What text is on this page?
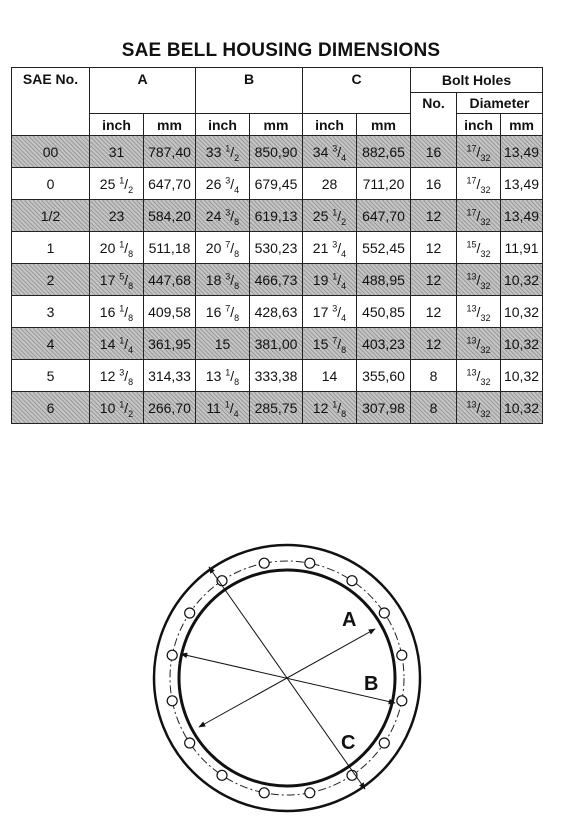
SAE BELL HOUSING DIMENSIONS
SAE No.	A		B		C		Bolt Holes		
							No.	Diameter	
	inch	mm	inch	mm	inch	mm		inch	mm
00	31	787,40	33 $^1/_2$	850,90	34 $^3/_4$	882,65	16	$^{17}/_{32}$	13,49
0	25 $^1/_2$	647,70	26 $^3/_4$	679,45	28	711,20	16	$^{17}/_{32}$	13,49
1/2	23	584,20	24 $^3/_8$	619,13	25 $^1/_2$	647,70	12	$^{17}/_{32}$	13,49
1	20 $^1/_8$	511,18	20 $^7/_8$	530,23	21 $^3/_4$	552,45	12	$^{15}/_{32}$	11,91
2	17 $^5/_8$	447,68	18 $^3/_8$	466,73	19 $^1/_4$	488,95	12	$^{13}/_{32}$	10,32
3	16 $^1/_8$	409,58	16 $^7/_8$	428,63	17 $^3/_4$	450,85	12	$^{13}/_{32}$	10,32
4	14 $^1/_4$	361,95	15	381,00	15 $^7/_8$	403,23	12	$^{13}/_{32}$	10,32
5	12 $^3/_8$	314,33	13 $^1/_8$	333,38	14	355,60	8	$^{13}/_{32}$	10,32
6	10 $^1/_2$	266,70	11 $^1/_4$	285,75	12 $^1/_8$	307,98	8	$^{13}/_{32}$	10,32
A
B
C
